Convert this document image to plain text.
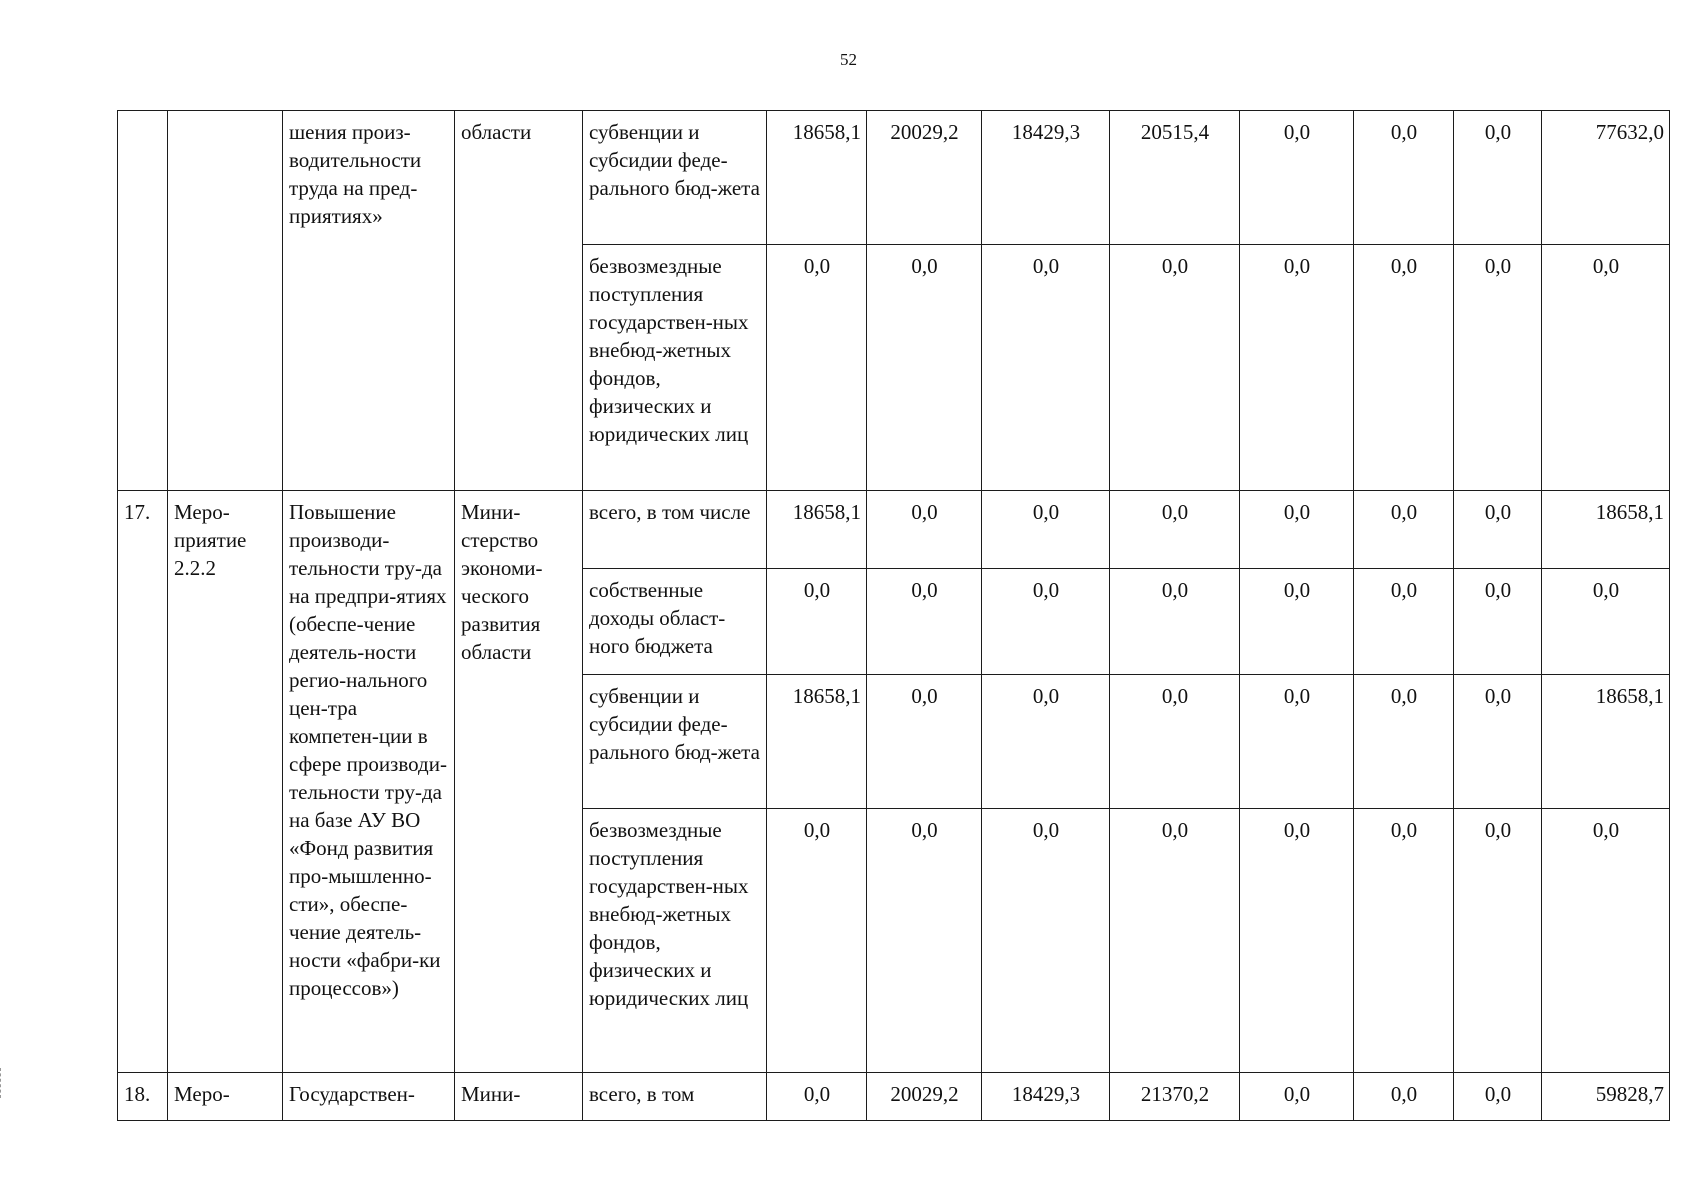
52
		шения произ-водительности труда на пред-приятиях»	области	субвенции и субсидии феде-рального бюд-жета	18658,1	20029,2	18429,3	20515,4	0,0	0,0	0,0	77632,0
				безвозмездные поступления государствен-ных внебюд-жетных фондов, физических и юридических лиц	0,0	0,0	0,0	0,0	0,0	0,0	0,0	0,0
17.	Меро-приятие 2.2.2	Повышение производи-тельности тру-да на предпри-ятиях (обеспе-чение деятель-ности регио-нального цен-тра компетен-ции в сфере производи-тельности тру-да на базе АУ ВО «Фонд развития про-мышленно-сти», обеспе-чение деятель-ности «фабри-ки процессов»)	Мини-стерство экономи-ческого развития области	всего, в том числе	18658,1	0,0	0,0	0,0	0,0	0,0	0,0	18658,1
				собственные доходы област-ного бюджета	0,0	0,0	0,0	0,0	0,0	0,0	0,0	0,0
				субвенции и субсидии феде-рального бюд-жета	18658,1	0,0	0,0	0,0	0,0	0,0	0,0	18658,1
				безвозмездные поступления государствен-ных внебюд-жетных фондов, физических и юридических лиц	0,0	0,0	0,0	0,0	0,0	0,0	0,0	0,0
18.	Меро-	Государствен-	Мини-	всего, в том	0,0	20029,2	18429,3	21370,2	0,0	0,0	0,0	59828,7
